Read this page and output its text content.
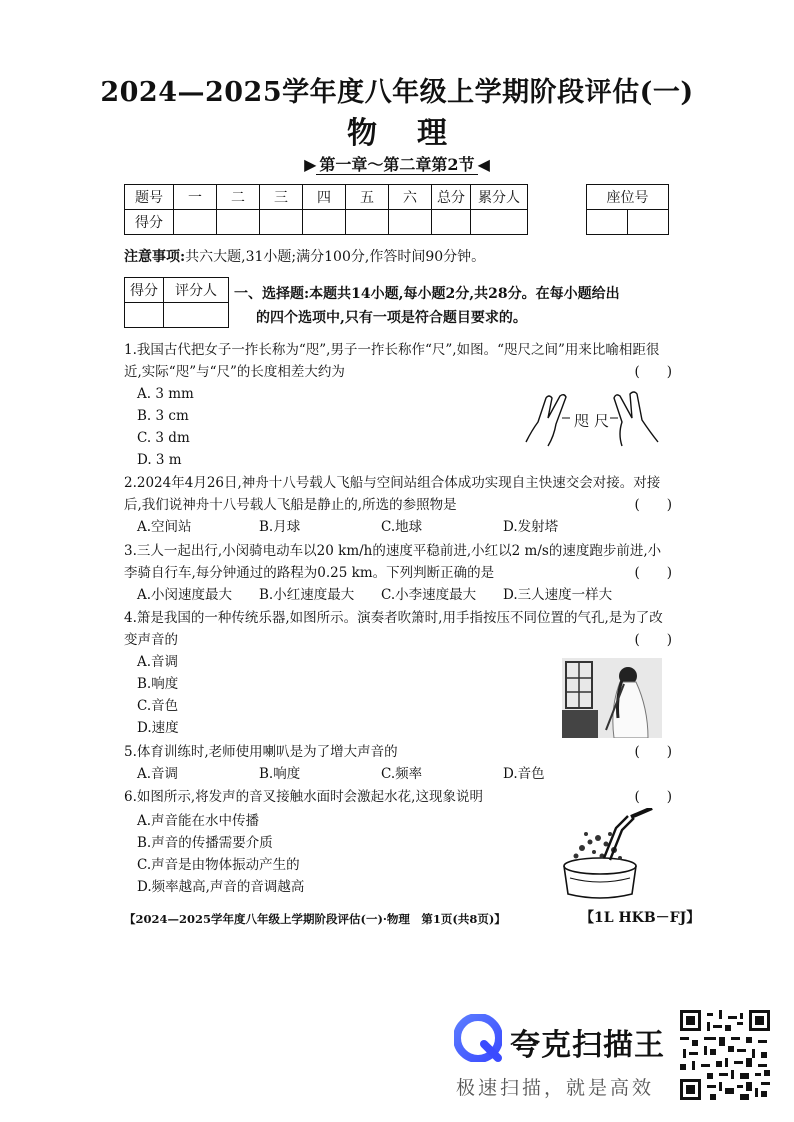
2024—2025学年度八年级上学期阶段评估(一)
物理
▶ 第一章～第二章第2节 ◀
题号	一	二	三	四	五	六	总分	累分人
得分								
座位号

注意事项:共六大题,31小题;满分100分,作答时间90分钟。
得分	评分人
	一、选择题:本题共14小题,每小题2分,共28分。在每小题给出
的四个选项中,只有一项是符合题目要求的。
1.我国古代把女子一拃长称为“咫”,男子一拃长称作“尺”,如图。“咫尺之间”用来比喻相距很
近,实际“咫”与“尺”的长度相差大约为	(　　)
A. 3 mm
B. 3 cm
C. 3 dm
D. 3 m
咫 尺
2.2024年4月26日,神舟十八号载人飞船与空间站组合体成功实现自主快速交会对接。对接
后,我们说神舟十八号载人飞船是静止的,所选的参照物是	(　　)
A.空间站	B.月球	C.地球	D.发射塔
3.三人一起出行,小闵骑电动车以20 km/h的速度平稳前进,小红以2 m/s的速度跑步前进,小
李骑自行车,每分钟通过的路程为0.25 km。下列判断正确的是	(　　)
A.小闵速度最大	B.小红速度最大	C.小李速度最大	D.三人速度一样大
4.箫是我国的一种传统乐器,如图所示。演奏者吹箫时,用手指按压不同位置的气孔,是为了改
变声音的	(　　)
A.音调
B.响度
C.音色
D.速度
5.体育训练时,老师使用喇叭是为了增大声音的	(　　)
A.音调	B.响度	C.频率	D.音色
6.如图所示,将发声的音叉接触水面时会激起水花,这现象说明	(　　)
A.声音能在水中传播
B.声音的传播需要介质
C.声音是由物体振动产生的
D.频率越高,声音的音调越高
【2024—2025学年度八年级上学期阶段评估(一)·物理　第1页(共8页)】	【1L HKB－FJ】
夸克扫描王
极速扫描，就是高效
